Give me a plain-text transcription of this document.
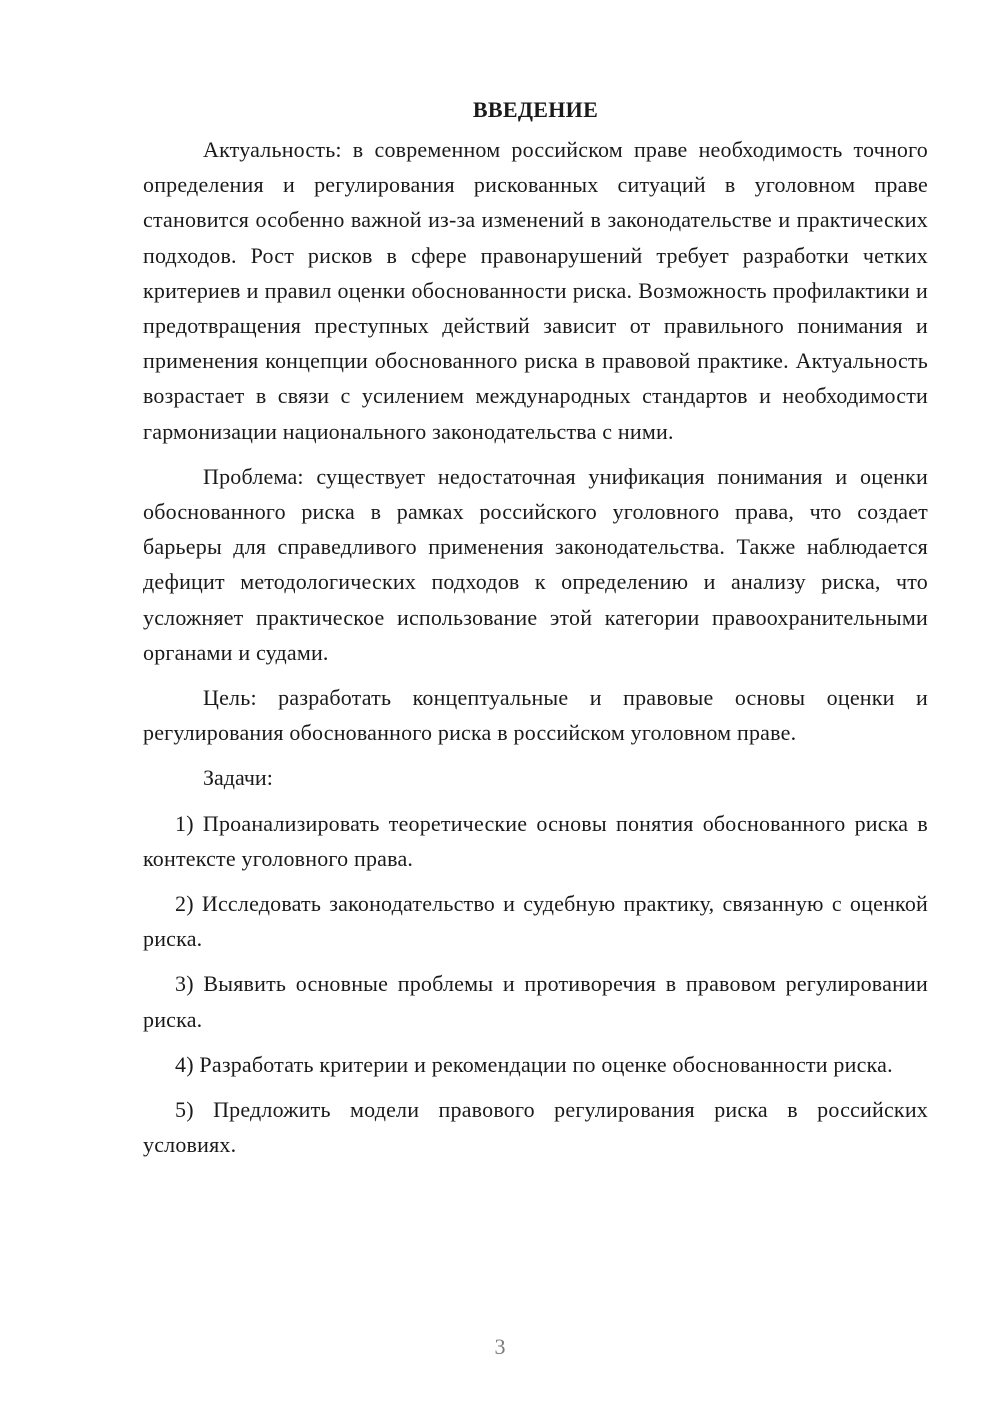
ВВЕДЕНИЕ

Актуальность: в современном российском праве необходимость точного определения и регулирования рискованных ситуаций в уголовном праве становится особенно важной из-за изменений в законодательстве и практических подходов. Рост рисков в сфере правонарушений требует разработки четких критериев и правил оценки обоснованности риска. Возможность профилактики и предотвращения преступных действий зависит от правильного понимания и применения концепции обоснованного риска в правовой практике. Актуальность возрастает в связи с усилением международных стандартов и необходимости гармонизации национального законодательства с ними.

Проблема: существует недостаточная унификация понимания и оценки обоснованного риска в рамках российского уголовного права, что создает барьеры для справедливого применения законодательства. Также наблюдается дефицит методологических подходов к определению и анализу риска, что усложняет практическое использование этой категории правоохранительными органами и судами.

Цель: разработать концептуальные и правовые основы оценки и регулирования обоснованного риска в российском уголовном праве.

Задачи:

1) Проанализировать теоретические основы понятия обоснованного риска в контексте уголовного права.

2) Исследовать законодательство и судебную практику, связанную с оценкой риска.

3) Выявить основные проблемы и противоречия в правовом регулировании риска.

4) Разработать критерии и рекомендации по оценке обоснованности риска.

5) Предложить модели правового регулирования риска в российских условиях.

3
